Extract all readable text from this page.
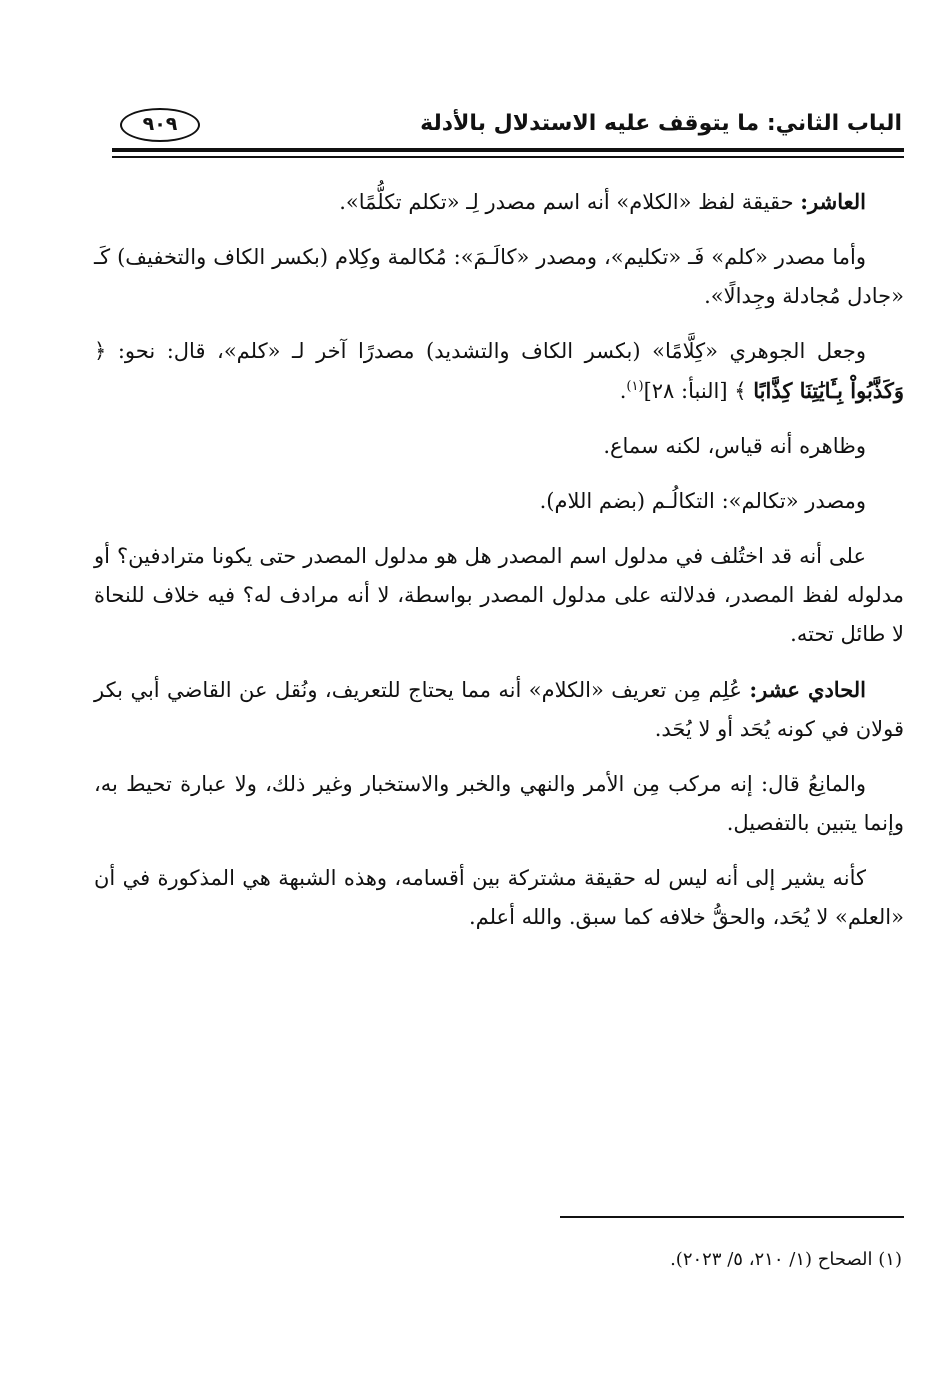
الباب الثاني: ما يتوقف عليه الاستدلال بالأدلة
٩٠٩

العاشر: حقيقة لفظ «الكلام» أنه اسم مصدر لِـ «تكلم تكلُّمًا».

وأما مصدر «كلم» فَـ «تكليم»، ومصدر «كالَـمَ»: مُكالمة وكِلام (بكسر الكاف والتخفيف) كَـ «جادل مُجادلة وجِدالًا».

وجعل الجوهري «كِلَّامًا» (بكسر الكاف والتشديد) مصدرًا آخر لـ «كلم»، قال: نحو: ﴿ وَكَذَّبُواْ بِـَٔايَٰتِنَا كِذَّابًا ﴾ [النبأ: ٢٨]$^{(١)}$.

وظاهره أنه قياس، لكنه سماع.

ومصدر «تكالم»: التكالُـم (بضم اللام).

على أنه قد اختُلف في مدلول اسم المصدر هل هو مدلول المصدر حتى يكونا مترادفين؟ أو مدلوله لفظ المصدر، فدلالته على مدلول المصدر بواسطة، لا أنه مرادف له؟ فيه خلاف للنحاة لا طائل تحته.

الحادي عشر: عُلِم مِن تعريف «الكلام» أنه مما يحتاج للتعريف، ونُقل عن القاضي أبي بكر قولان في كونه يُحَد أو لا يُحَد.

والمانِعُ قال: إنه مركب مِن الأمر والنهي والخبر والاستخبار وغير ذلك، ولا عبارة تحيط به، وإنما يتبين بالتفصيل.

كأنه يشير إلى أنه ليس له حقيقة مشتركة بين أقسامه، وهذه الشبهة هي المذكورة في أن «العلم» لا يُحَد، والحقُّ خلافه كما سبق. والله أعلم.

(١) الصحاح (١/ ٢١٠، ٥/ ٢٠٢٣).
